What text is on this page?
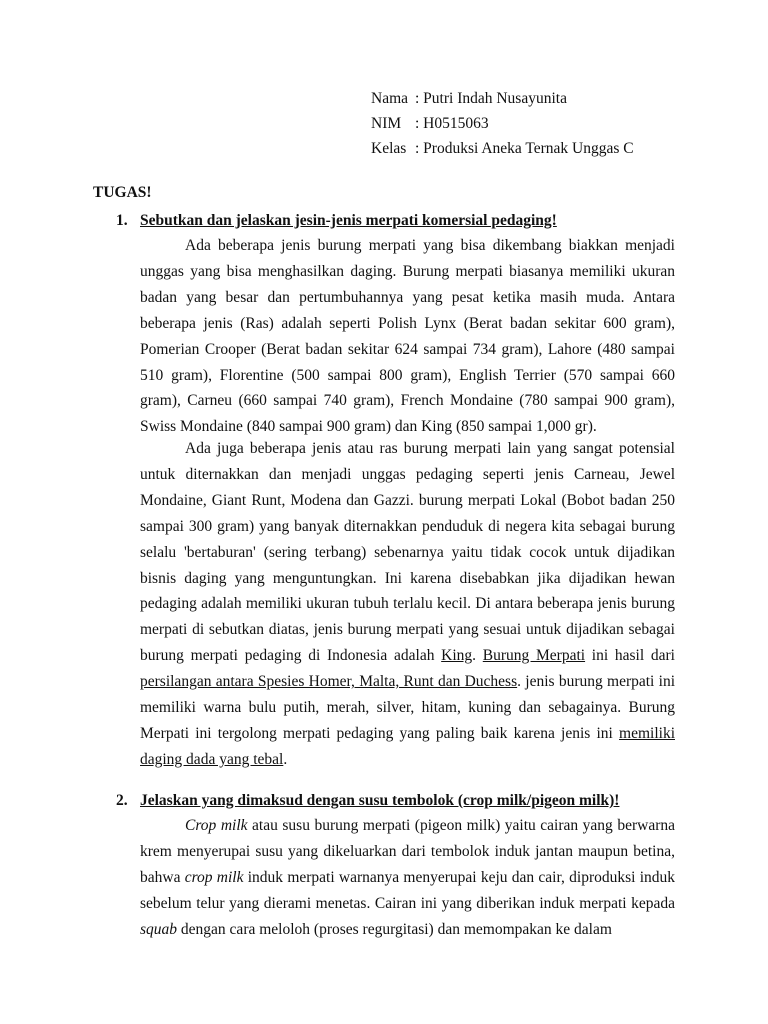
Nama : Putri Indah Nusayunita
NIM : H0515063
Kelas : Produksi Aneka Ternak Unggas C
TUGAS!
1. Sebutkan dan jelaskan jesin-jenis merpati komersial pedaging!

Ada beberapa jenis burung merpati yang bisa dikembang biakkan menjadi unggas yang bisa menghasilkan daging. Burung merpati biasanya memiliki ukuran badan yang besar dan pertumbuhannya yang pesat ketika masih muda. Antara beberapa jenis (Ras) adalah seperti Polish Lynx (Berat badan sekitar 600 gram), Pomerian Crooper (Berat badan sekitar 624 sampai 734 gram), Lahore (480 sampai 510 gram), Florentine (500 sampai 800 gram), English Terrier (570 sampai 660 gram), Carneu (660 sampai 740 gram), French Mondaine (780 sampai 900 gram), Swiss Mondaine (840 sampai 900 gram) dan King (850 sampai 1,000 gr).

Ada juga beberapa jenis atau ras burung merpati lain yang sangat potensial untuk diternakkan dan menjadi unggas pedaging seperti jenis Carneau, Jewel Mondaine, Giant Runt, Modena dan Gazzi. burung merpati Lokal (Bobot badan 250 sampai 300 gram) yang banyak diternakkan penduduk di negera kita sebagai burung selalu 'bertaburan' (sering terbang) sebenarnya yaitu tidak cocok untuk dijadikan bisnis daging yang menguntungkan. Ini karena disebabkan jika dijadikan hewan pedaging adalah memiliki ukuran tubuh terlalu kecil. Di antara beberapa jenis burung merpati di sebutkan diatas, jenis burung merpati yang sesuai untuk dijadikan sebagai burung merpati pedaging di Indonesia adalah King. Burung Merpati ini hasil dari persilangan antara Spesies Homer, Malta, Runt dan Duchess. jenis burung merpati ini memiliki warna bulu putih, merah, silver, hitam, kuning dan sebagainya. Burung Merpati ini tergolong merpati pedaging yang paling baik karena jenis ini memiliki daging dada yang tebal.

2. Jelaskan yang dimaksud dengan susu tembolok (crop milk/pigeon milk)!

Crop milk atau susu burung merpati (pigeon milk) yaitu cairan yang berwarna krem menyerupai susu yang dikeluarkan dari tembolok induk jantan maupun betina, bahwa crop milk induk merpati warnanya menyerupai keju dan cair, diproduksi induk sebelum telur yang dierami menetas. Cairan ini yang diberikan induk merpati kepada squab dengan cara meloloh (proses regurgitasi) dan memompakan ke dalam
